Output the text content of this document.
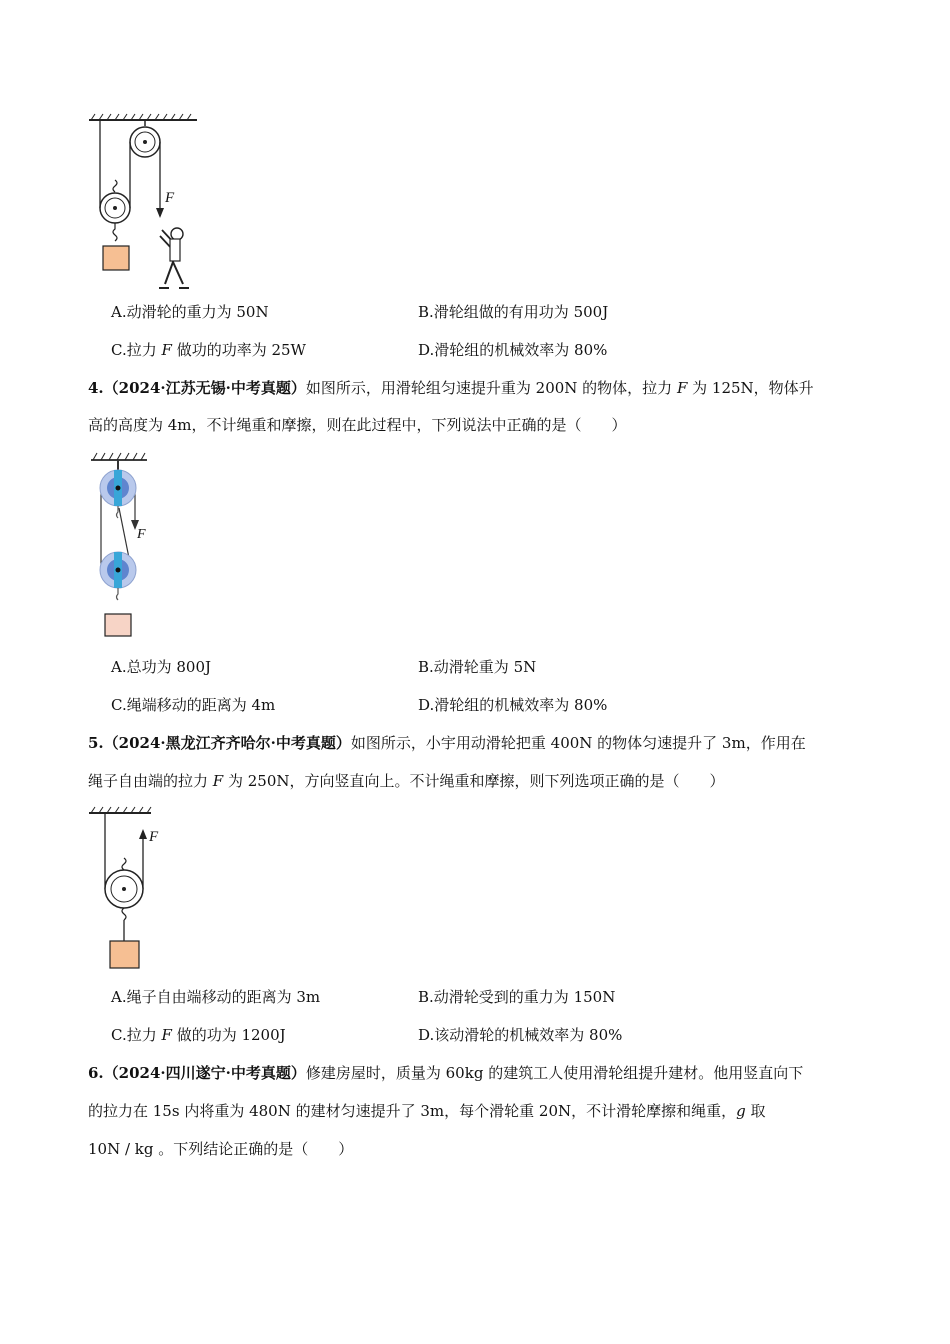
F
A.动滑轮的重力为 50N	B.滑轮组做的有用功为 500J
C.拉力 F 做功的功率为 25W	D.滑轮组的机械效率为 80%
4.（2024·江苏无锡·中考真题）如图所示，用滑轮组匀速提升重为 200N 的物体，拉力 F 为 125N，物体升
高的高度为 4m，不计绳重和摩擦，则在此过程中，下列说法中正确的是（　　）
F
A.总功为 800J	B.动滑轮重为 5N
C.绳端移动的距离为 4m	D.滑轮组的机械效率为 80%
5.（2024·黑龙江齐齐哈尔·中考真题）如图所示，小宇用动滑轮把重 400N 的物体匀速提升了 3m，作用在
绳子自由端的拉力 F 为 250N，方向竖直向上。不计绳重和摩擦，则下列选项正确的是（　　）
F
A.绳子自由端移动的距离为 3m	B.动滑轮受到的重力为 150N
C.拉力 F 做的功为 1200J	D.该动滑轮的机械效率为 80%
6.（2024·四川遂宁·中考真题）修建房屋时，质量为 60kg 的建筑工人使用滑轮组提升建材。他用竖直向下
的拉力在 15s 内将重为 480N 的建材匀速提升了 3m，每个滑轮重 20N，不计滑轮摩擦和绳重，g 取
10N / kg 。下列结论正确的是（　　）
